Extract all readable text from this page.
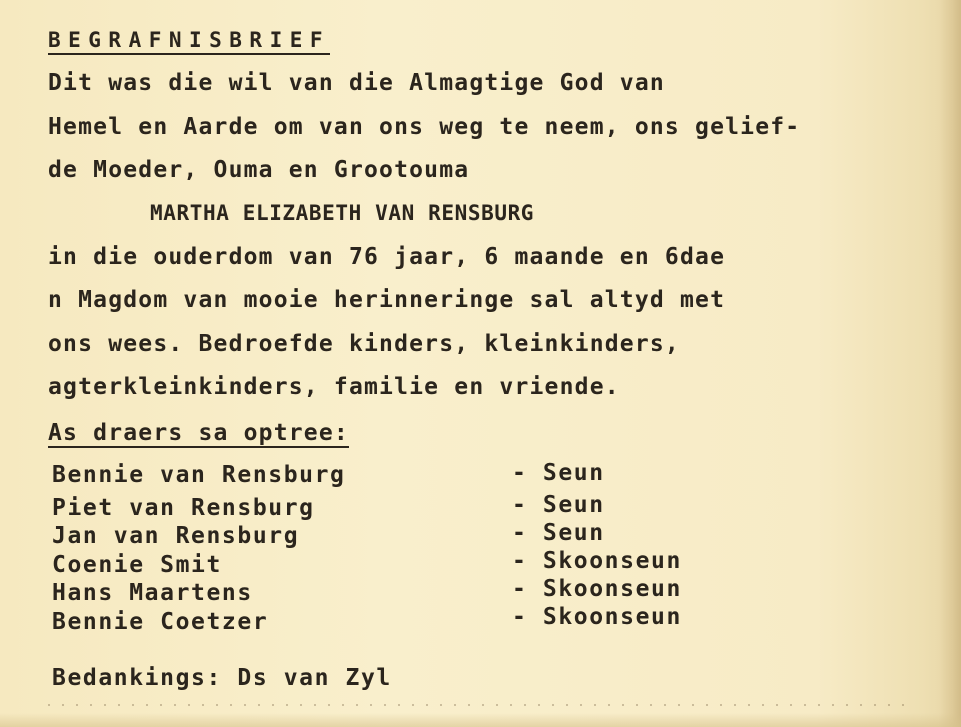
BEGRAFNISBRIEF
Dit was die wil van die Almagtige God van
Hemel en Aarde om van ons weg te neem, ons gelief-
de Moeder, Ouma en Grootouma
MARTHA ELIZABETH VAN RENSBURG
in die ouderdom van 76 jaar, 6 maande en 6dae
n Magdom van mooie herinneringe sal altyd met
ons wees. Bedroefde kinders, kleinkinders,
agterkleinkinders, familie en vriende.
As draers sa optree:
Bennie van Rensburg	- Seun
Piet van Rensburg	- Seun
Jan van Rensburg	- Seun
Coenie Smit	- Skoonseun
Hans Maartens	- Skoonseun
Bennie Coetzer	- Skoonseun
Bedankings: Ds van Zyl
